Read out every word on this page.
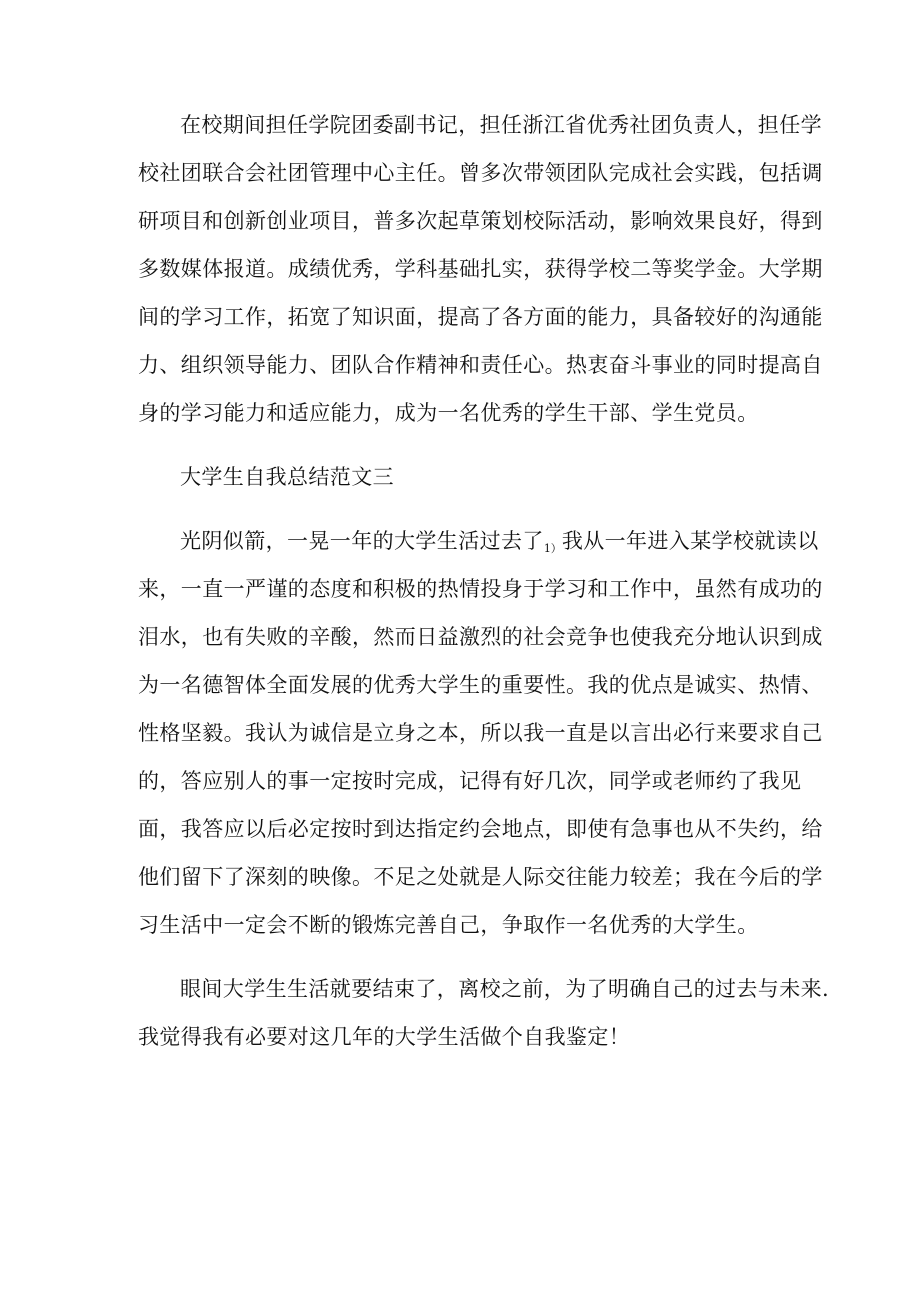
在校期间担任学院团委副书记，担任浙江省优秀社团负责人，担任学
校社团联合会社团管理中心主任。曾多次带领团队完成社会实践，包括调
研项目和创新创业项目，普多次起草策划校际活动，影响效果良好，得到
多数媒体报道。成绩优秀，学科基础扎实，获得学校二等奖学金。大学期
间的学习工作，拓宽了知识面，提高了各方面的能力，具备较好的沟通能
力、组织领导能力、团队合作精神和责任心。热衷奋斗事业的同时提高自
身的学习能力和适应能力，成为一名优秀的学生干部、学生党员。
大学生自我总结范文三
光阴似箭，一晃一年的大学生活过去了$_{1)}$我从一年进入某学校就读以
来，一直一严谨的态度和积极的热情投身于学习和工作中，虽然有成功的
泪水，也有失败的辛酸，然而日益激烈的社会竞争也使我充分地认识到成
为一名德智体全面发展的优秀大学生的重要性。我的优点是诚实、热情、
性格坚毅。我认为诚信是立身之本，所以我一直是以言出必行来要求自己
的，答应别人的事一定按时完成，记得有好几次，同学或老师约了我见
面，我答应以后必定按时到达指定约会地点，即使有急事也从不失约，给
他们留下了深刻的映像。不足之处就是人际交往能力较差；我在今后的学
习生活中一定会不断的锻炼完善自己，争取作一名优秀的大学生。
眼间大学生生活就要结束了，离校之前，为了明确自己的过去与未来.
我觉得我有必要对这几年的大学生活做个自我鉴定！
